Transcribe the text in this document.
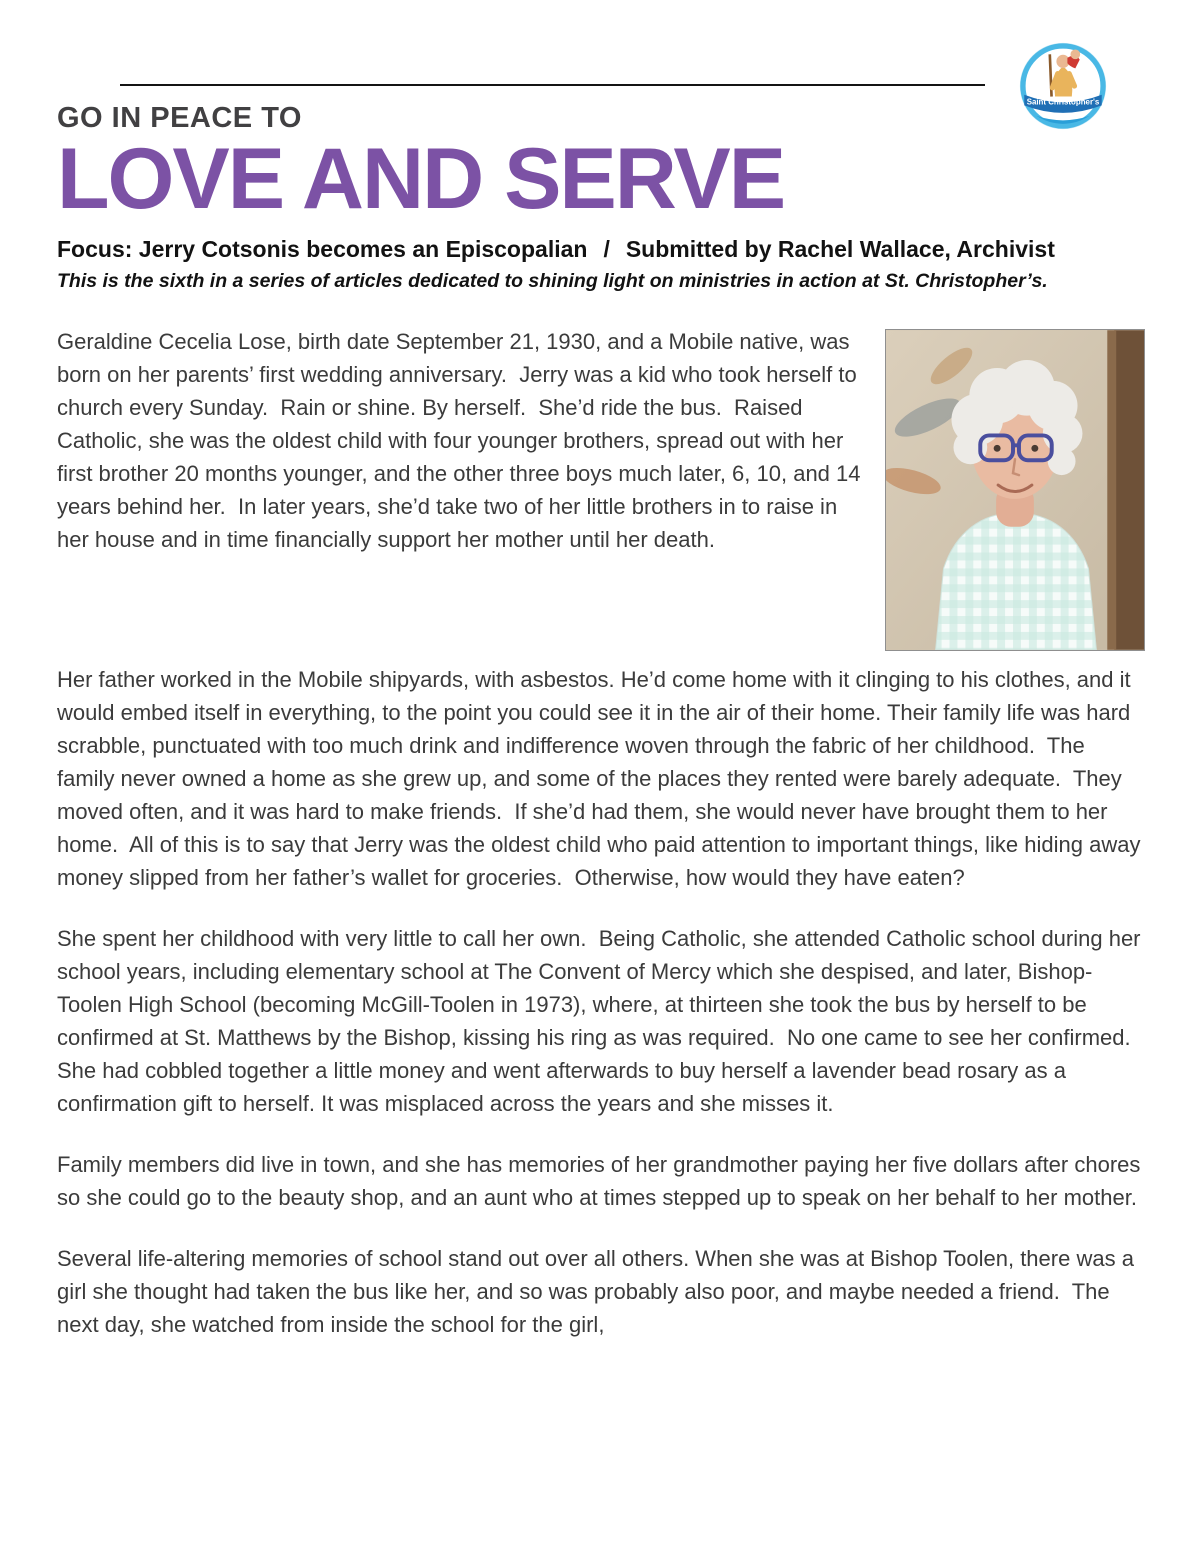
Saint Christopher's
GO IN PEACE TO
LOVE AND SERVE

Focus: Jerry Cotsonis becomes an Episcopalian / Submitted by Rachel Wallace, Archivist

This is the sixth in a series of articles dedicated to shining light on ministries in action at St. Christopher’s.

Geraldine Cecelia Lose, birth date September 21, 1930, and a Mobile native, was born on her parents’ first wedding anniversary.  Jerry was a kid who took herself to church every Sunday.  Rain or shine. By herself.  She’d ride the bus.  Raised Catholic, she was the oldest child with four younger brothers, spread out with her first brother 20 months younger, and the other three boys much later, 6, 10, and 14 years behind her.  In later years, she’d take two of her little brothers in to raise in her house and in time financially support her mother until her death.

Her father worked in the Mobile shipyards, with asbestos. He’d come home with it clinging to his clothes, and it would embed itself in everything, to the point you could see it in the air of their home. Their family life was hard scrabble, punctuated with too much drink and indifference woven through the fabric of her childhood.  The family never owned a home as she grew up, and some of the places they rented were barely adequate.  They moved often, and it was hard to make friends.  If she’d had them, she would never have brought them to her home.  All of this is to say that Jerry was the oldest child who paid attention to important things, like hiding away money slipped from her father’s wallet for groceries.  Otherwise, how would they have eaten?

She spent her childhood with very little to call her own.  Being Catholic, she attended Catholic school during her school years, including elementary school at The Convent of Mercy which she despised, and later, Bishop-Toolen High School (becoming McGill-Toolen in 1973), where, at thirteen she took the bus by herself to be confirmed at St. Matthews by the Bishop, kissing his ring as was required.  No one came to see her confirmed.  She had cobbled together a little money and went afterwards to buy herself a lavender bead rosary as a confirmation gift to herself. It was misplaced across the years and she misses it.

Family members did live in town, and she has memories of her grandmother paying her five dollars after chores so she could go to the beauty shop, and an aunt who at times stepped up to speak on her behalf to her mother.

Several life-altering memories of school stand out over all others. When she was at Bishop Toolen, there was a girl she thought had taken the bus like her, and so was probably also poor, and maybe needed a friend.  The next day, she watched from inside the school for the girl,
